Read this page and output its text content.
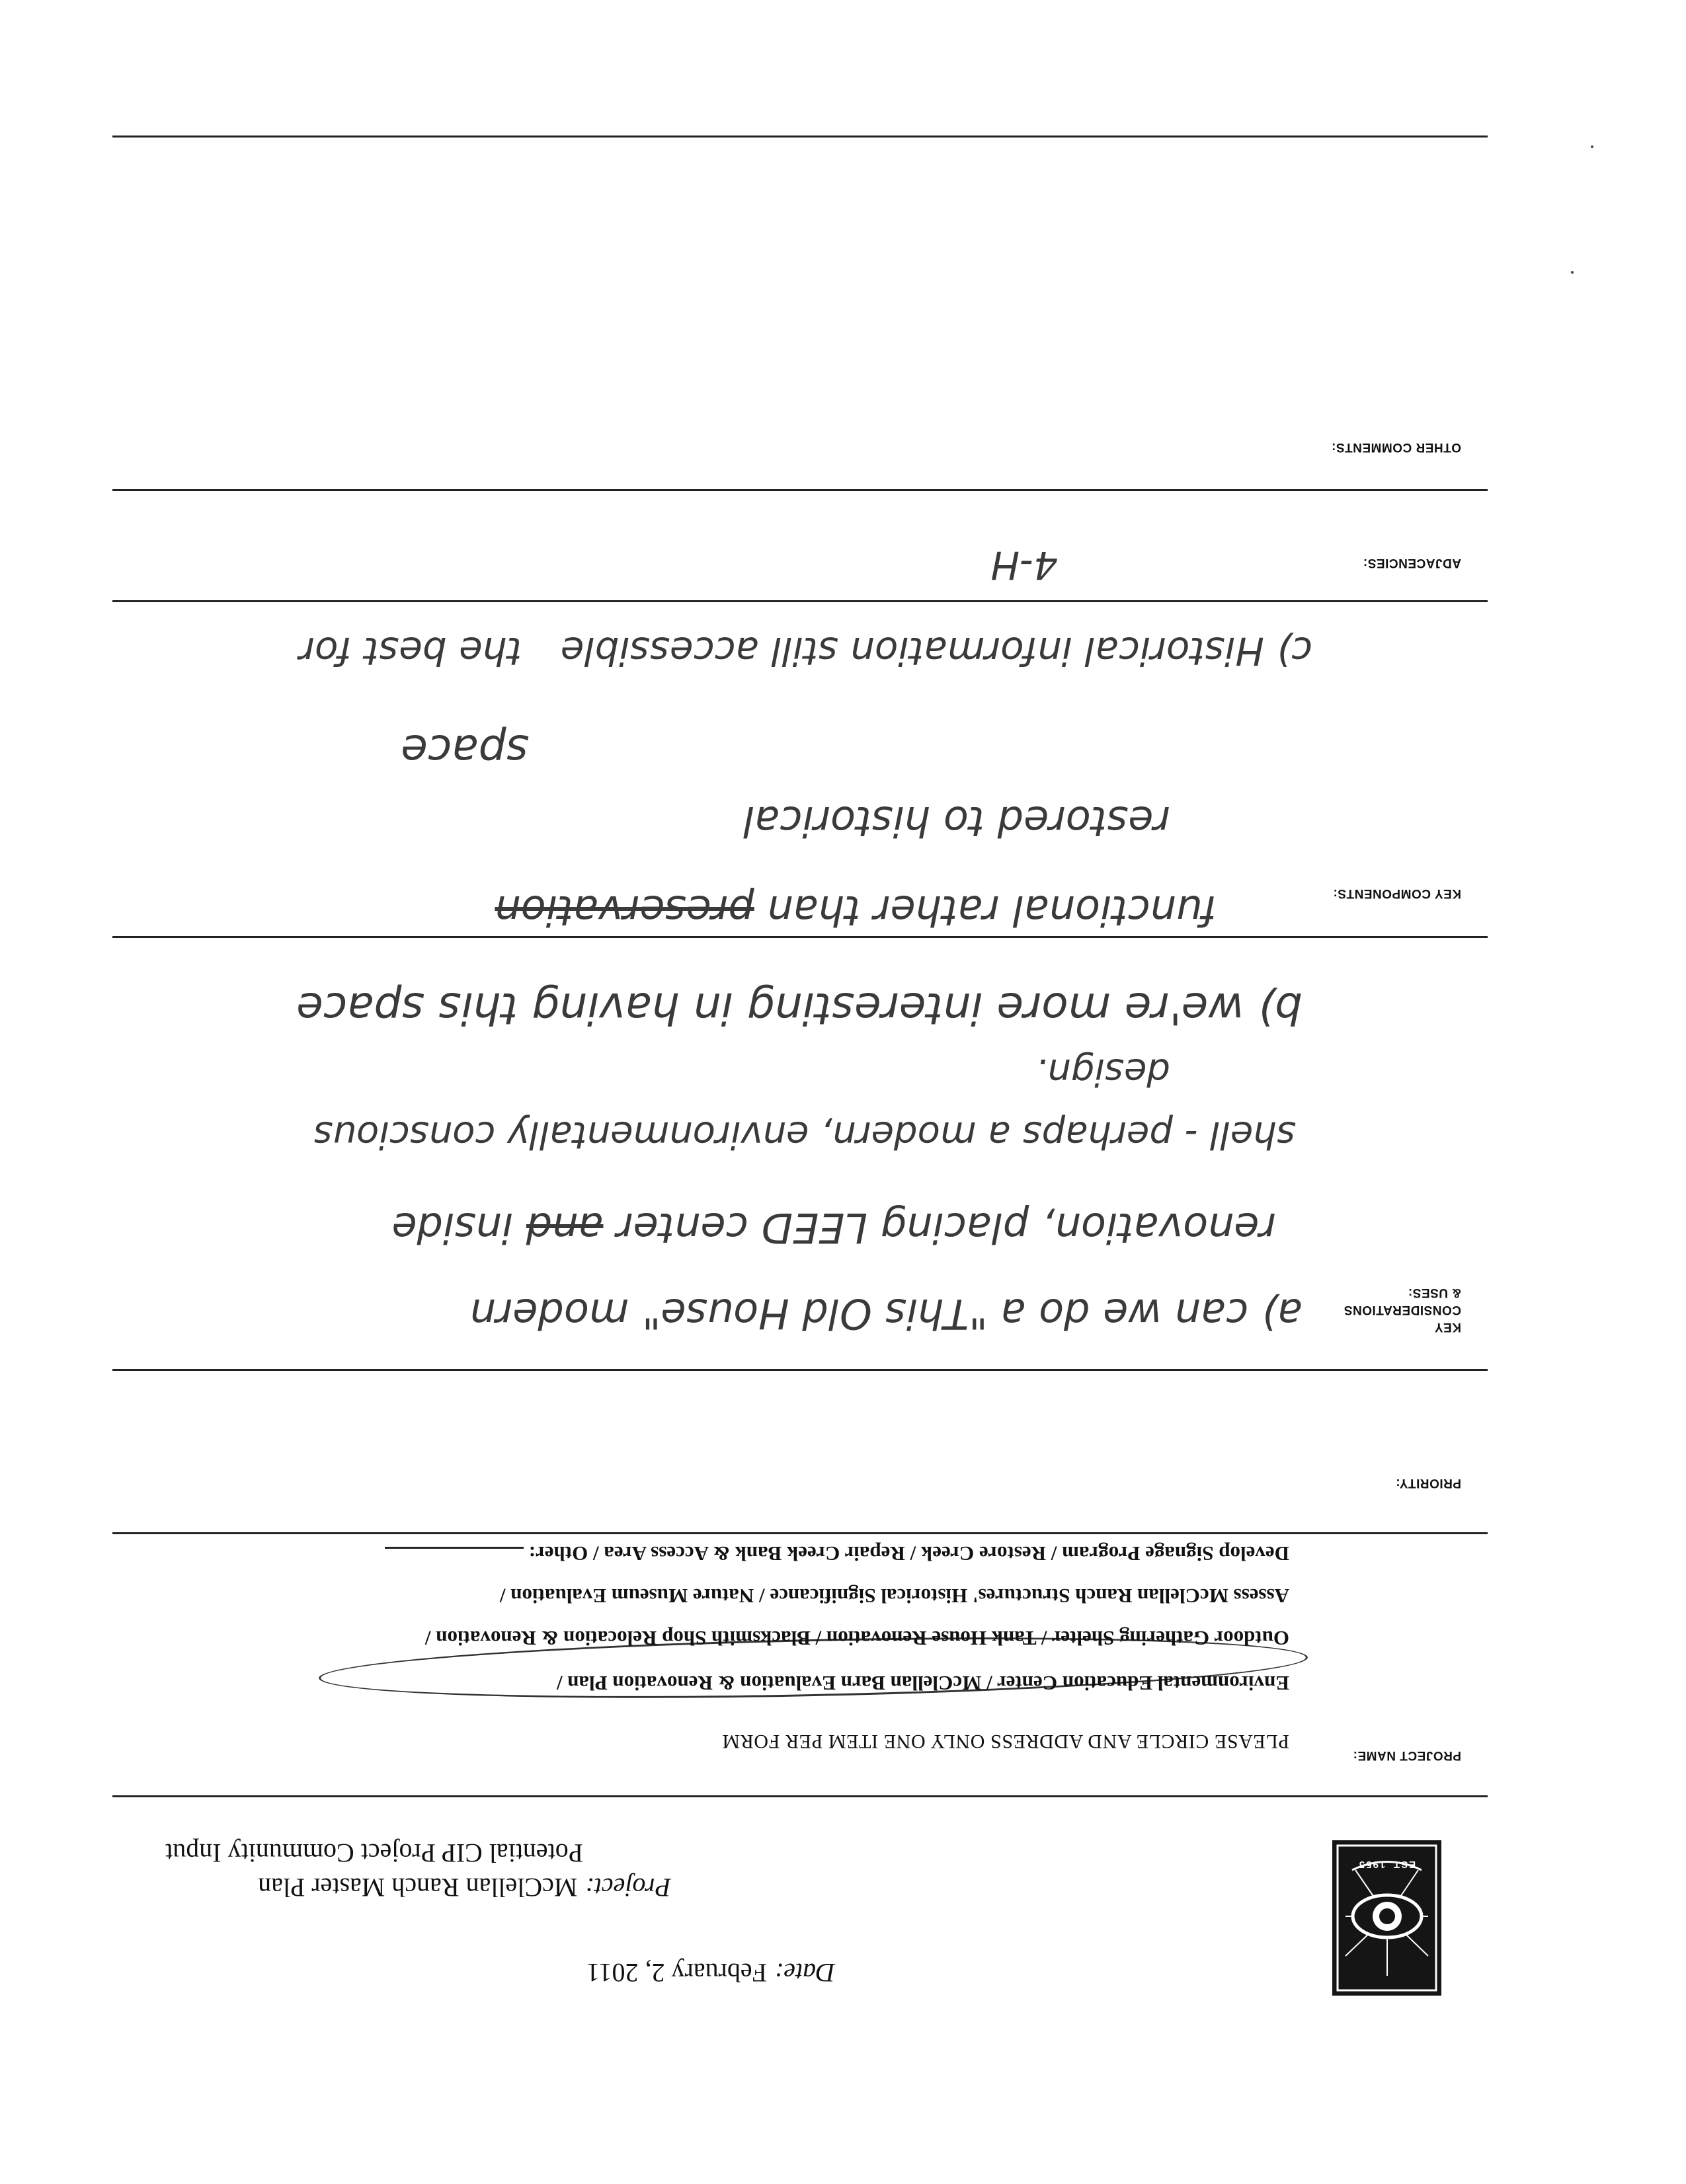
EST. 1955
Date:February 2, 2011
Project:McClellan Ranch Master Plan
Potential CIP Project Community Input
PROJECT NAME:
PLEASE CIRCLE AND ADDRESS ONLY ONE ITEM PER FORM
Environmental Education Center / McClellan Barn Evaluation & Renovation Plan /
Outdoor Gathering Shelter / Tank House Renovation / Blacksmith Shop Relocation & Renovation /
Assess McClellan Ranch Structures' Historical Significance / Nature Museum Evaluation /
Develop Signage Program / Restore Creek / Repair Creek Bank & Access Area / Other:
PRIORITY:
KEY CONSIDERATIONS
& USES:
a) can we do a "This Old House" modern
renovation, placing LEED center and inside
shell - perhaps a modern, environmentally conscious
design.
KEY COMPONENTS:
b) we're more interesting in having this space
functional rather than preservation
restored to historical
space
ADJACENCIES:
c) Historical information still accessible the best for
4-H
OTHER COMMENTS:
